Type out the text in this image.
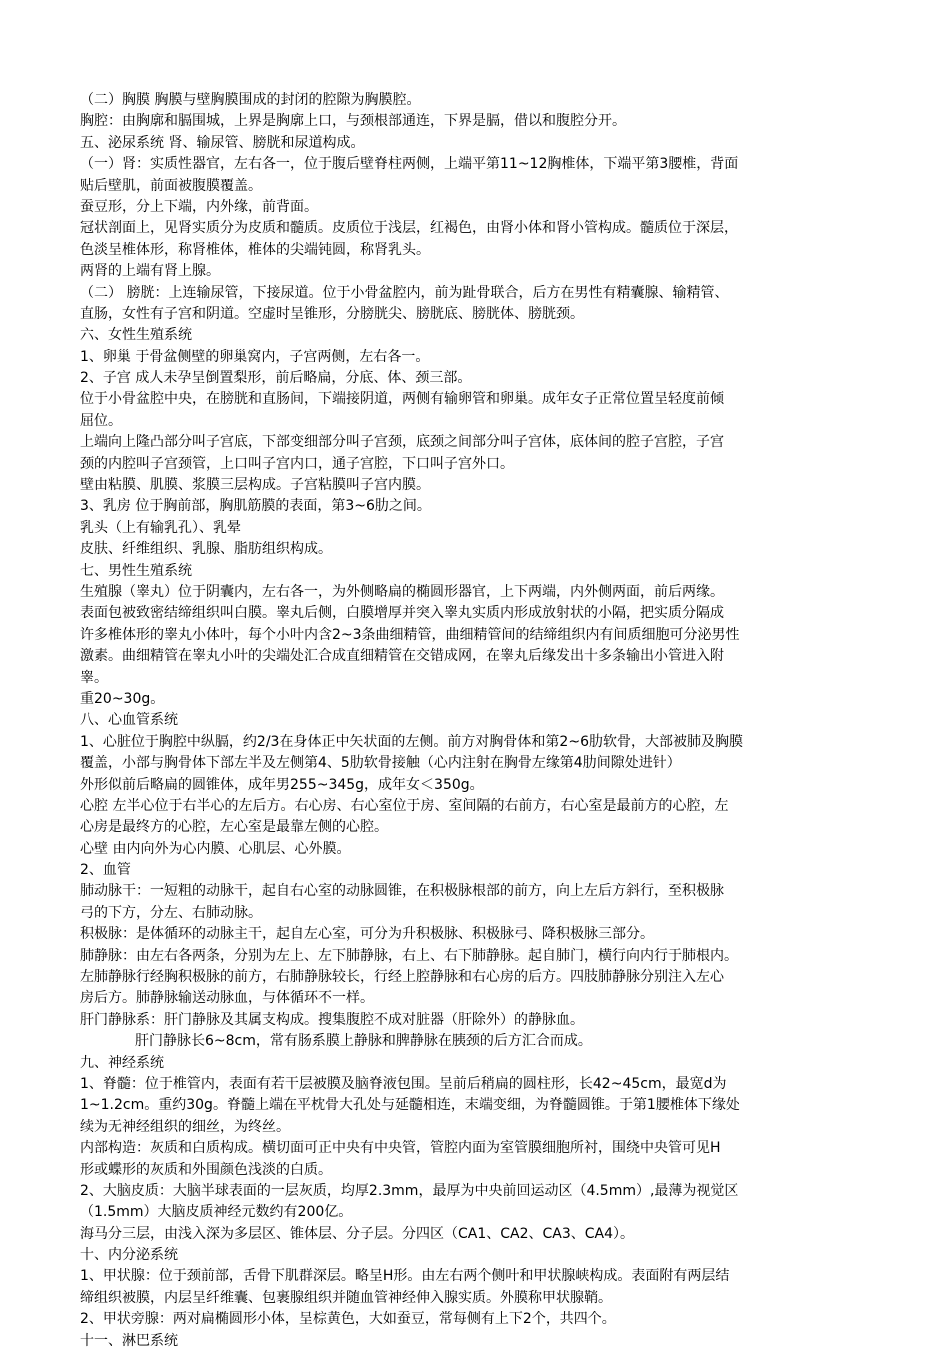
（二）胸膜 胸膜与壁胸膜围成的封闭的腔隙为胸膜腔。

胸腔：由胸廓和膈围城，上界是胸廓上口，与颈根部通连，下界是膈，借以和腹腔分开。

五、泌尿系统 肾、输尿管、膀胱和尿道构成。

（一）肾：实质性器官，左右各一，位于腹后壁脊柱两侧，上端平第11~12胸椎体，下端平第3腰椎，背面

贴后壁肌，前面被腹膜覆盖。

蚕豆形，分上下端，内外缘，前背面。

冠状剖面上，见肾实质分为皮质和髓质。皮质位于浅层，红褐色，由肾小体和肾小管构成。髓质位于深层，

色淡呈椎体形，称肾椎体，椎体的尖端钝圆，称肾乳头。

两肾的上端有肾上腺。

（二） 膀胱：上连输尿管，下接尿道。位于小骨盆腔内，前为趾骨联合，后方在男性有精囊腺、输精管、

直肠，女性有子宫和阴道。空虚时呈锥形，分膀胱尖、膀胱底、膀胱体、膀胱颈。

六、女性生殖系统

1、卵巢 于骨盆侧壁的卵巢窝内，子宫两侧，左右各一。

2、子宫 成人未孕呈倒置梨形，前后略扁，分底、体、颈三部。

位于小骨盆腔中央，在膀胱和直肠间，下端接阴道，两侧有输卵管和卵巢。成年女子正常位置呈轻度前倾

屈位。

上端向上隆凸部分叫子宫底，下部变细部分叫子宫颈，底颈之间部分叫子宫体，底体间的腔子宫腔，子宫

颈的内腔叫子宫颈管，上口叫子宫内口，通子宫腔，下口叫子宫外口。

壁由粘膜、肌膜、浆膜三层构成。子宫粘膜叫子宫内膜。

3、乳房 位于胸前部，胸肌筋膜的表面，第3~6肋之间。

乳头（上有输乳孔）、乳晕

皮肤、纤维组织、乳腺、脂肪组织构成。

七、男性生殖系统

生殖腺（睾丸）位于阴囊内，左右各一，为外侧略扁的椭圆形器官，上下两端，内外侧两面，前后两缘。

表面包被致密结缔组织叫白膜。睾丸后侧，白膜增厚并突入睾丸实质内形成放射状的小隔，把实质分隔成

许多椎体形的睾丸小体叶，每个小叶内含2~3条曲细精管，曲细精管间的结缔组织内有间质细胞可分泌男性

激素。曲细精管在睾丸小叶的尖端处汇合成直细精管在交错成网，在睾丸后缘发出十多条输出小管进入附

睾。

重20~30g。

八、心血管系统

1、心脏位于胸腔中纵膈，约2/3在身体正中矢状面的左侧。前方对胸骨体和第2~6肋软骨，大部被肺及胸膜

覆盖，小部与胸骨体下部左半及左侧第4、5肋软骨接触（心内注射在胸骨左缘第4肋间隙处进针）

外形似前后略扁的圆锥体，成年男255~345g，成年女＜350g。

心腔 左半心位于右半心的左后方。右心房、右心室位于房、室间隔的右前方，右心室是最前方的心腔，左

心房是最终方的心腔，左心室是最靠左侧的心腔。

心壁 由内向外为心内膜、心肌层、心外膜。

2、血管

肺动脉干：一短粗的动脉干，起自右心室的动脉圆锥，在积极脉根部的前方，向上左后方斜行，至积极脉

弓的下方，分左、右肺动脉。

积极脉：是体循环的动脉主干，起自左心室，可分为升积极脉、积极脉弓、降积极脉三部分。

肺静脉：由左右各两条，分别为左上、左下肺静脉，右上、右下肺静脉。起自肺门，横行向内行于肺根内。

左肺静脉行经胸积极脉的前方，右肺静脉较长，行经上腔静脉和右心房的后方。四肢肺静脉分别注入左心

房后方。肺静脉输送动脉血，与体循环不一样。

肝门静脉系：肝门静脉及其属支构成。搜集腹腔不成对脏器（肝除外）的静脉血。

肝门静脉长6~8cm，常有肠系膜上静脉和脾静脉在胰颈的后方汇合而成。

九、神经系统

1、脊髓：位于椎管内，表面有若干层被膜及脑脊液包围。呈前后稍扁的圆柱形，长42~45cm，最宽d为

1~1.2cm。重约30g。脊髓上端在平枕骨大孔处与延髓相连，末端变细，为脊髓圆锥。于第1腰椎体下缘处

续为无神经组织的细丝，为终丝。

内部构造：灰质和白质构成。横切面可正中央有中央管，管腔内面为室管膜细胞所衬，围绕中央管可见H

形或蝶形的灰质和外围颜色浅淡的白质。

2、大脑皮质：大脑半球表面的一层灰质，均厚2.3mm，最厚为中央前回运动区（4.5mm）,最薄为视觉区

（1.5mm）大脑皮质神经元数约有200亿。

海马分三层，由浅入深为多层区、锥体层、分子层。分四区（CA1、CA2、CA3、CA4）。

十、内分泌系统

1、甲状腺：位于颈前部，舌骨下肌群深层。略呈H形。由左右两个侧叶和甲状腺峡构成。表面附有两层结

缔组织被膜，内层呈纤维囊、包裹腺组织并随血管神经伸入腺实质。外膜称甲状腺鞘。

2、甲状旁腺：两对扁椭圆形小体，呈棕黄色，大如蚕豆，常每侧有上下2个，共四个。

十一、淋巴系统
